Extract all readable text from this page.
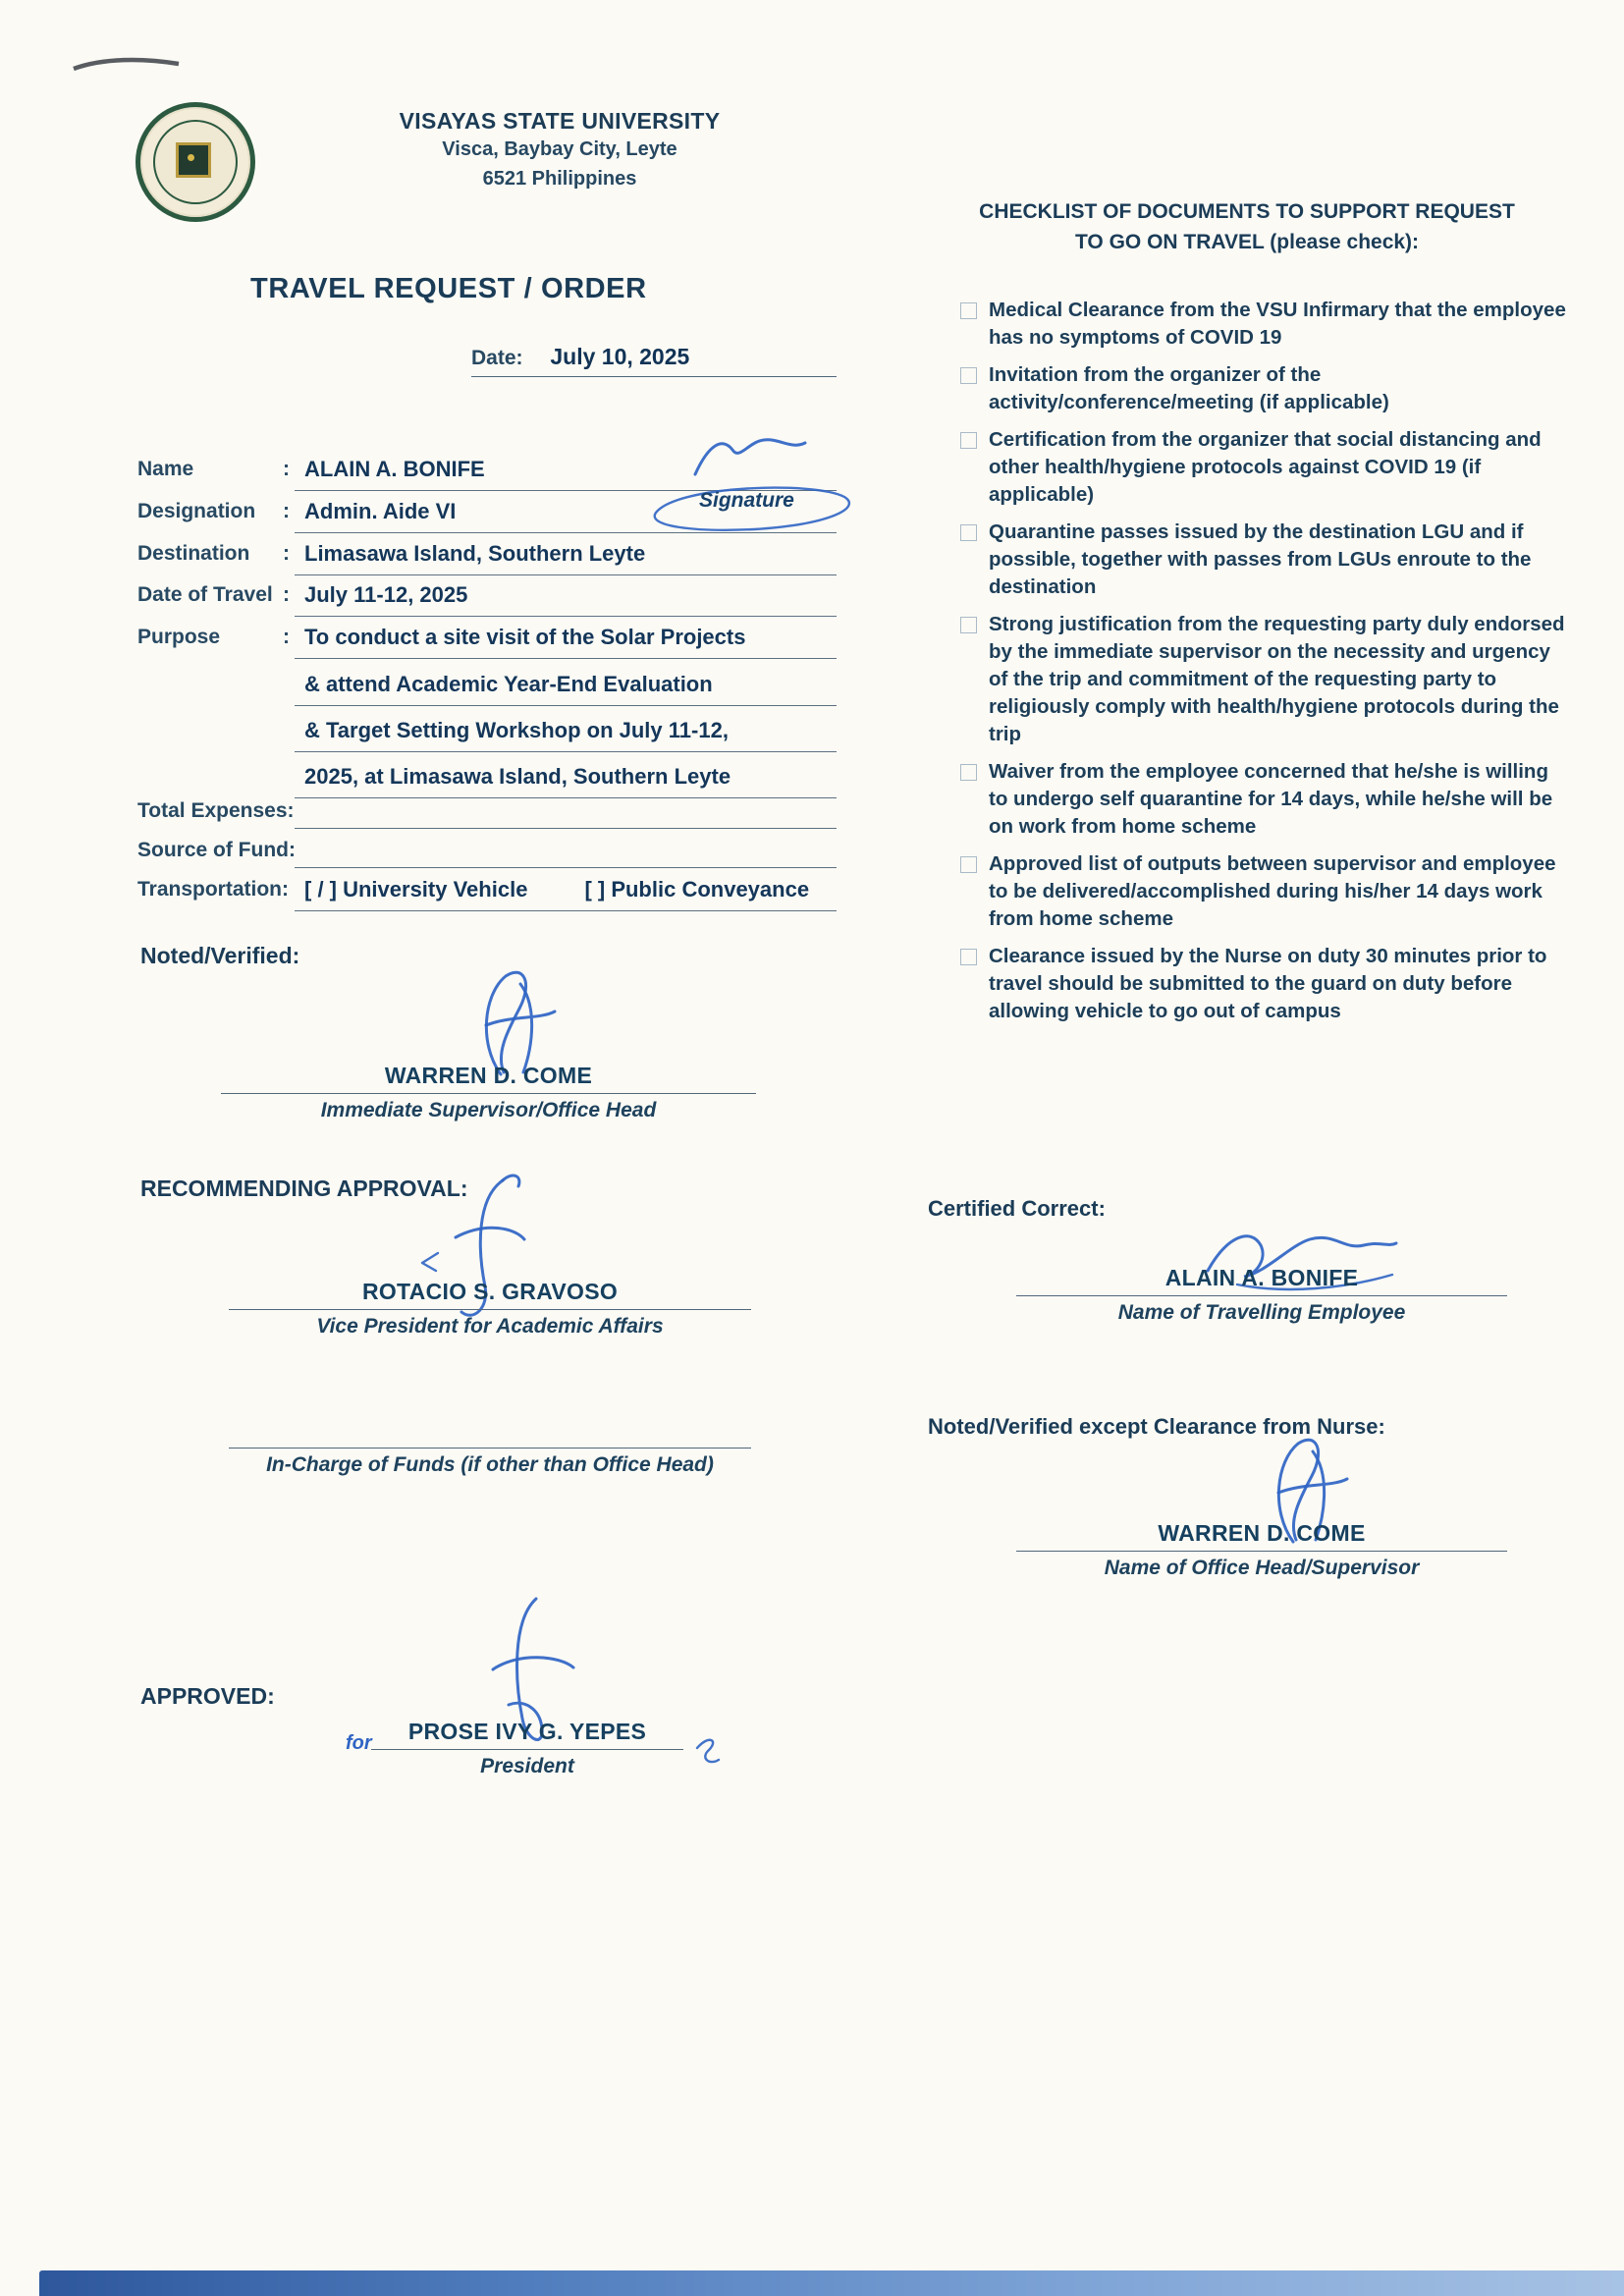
VISAYAS STATE UNIVERSITY
Visca, Baybay City, Leyte
6521 Philippines
TRAVEL REQUEST / ORDER
Date: July 10, 2025
Name	: ALAIN A. BONIFE
Designation : Admin. Aide VI
Destination : Limasawa Island, Southern Leyte
Date of Travel : July 11-12, 2025
Purpose	: To conduct a site visit of the Solar Projects
& attend Academic Year-End Evaluation
& Target Setting Workshop on July 11-12,
2025, at Limasawa Island, Southern Leyte
Total Expenses:
Source of Fund:
Transportation: [ / ] University Vehicle	[ ] Public Conveyance
Signature
Noted/Verified:
WARREN D. COME
Immediate Supervisor/Office Head
RECOMMENDING APPROVAL:
ROTACIO S. GRAVOSO
Vice President for Academic Affairs
In-Charge of Funds (if other than Office Head)
APPROVED:
for	PROSE IVY G. YEPES
President
CHECKLIST OF DOCUMENTS TO SUPPORT REQUEST
TO GO ON TRAVEL (please check):
Medical Clearance from the VSU Infirmary that the employee has no symptoms of COVID 19
Invitation from the organizer of the activity/conference/meeting (if applicable)
Certification from the organizer that social distancing and other health/hygiene protocols against COVID 19 (if applicable)
Quarantine passes issued by the destination LGU and if possible, together with passes from LGUs enroute to the destination
Strong justification from the requesting party duly endorsed by the immediate supervisor on the necessity and urgency of the trip and commitment of the requesting party to religiously comply with health/hygiene protocols during the trip
Waiver from the employee concerned that he/she is willing to undergo self quarantine for 14 days, while he/she will be on work from home scheme
Approved list of outputs between supervisor and employee to be delivered/accomplished during his/her 14 days work from home scheme
Clearance issued by the Nurse on duty 30 minutes prior to travel should be submitted to the guard on duty before allowing vehicle to go out of campus
Certified Correct:
ALAIN A. BONIFE
Name of Travelling Employee
Noted/Verified except Clearance from Nurse:
WARREN D. COME
Name of Office Head/Supervisor
